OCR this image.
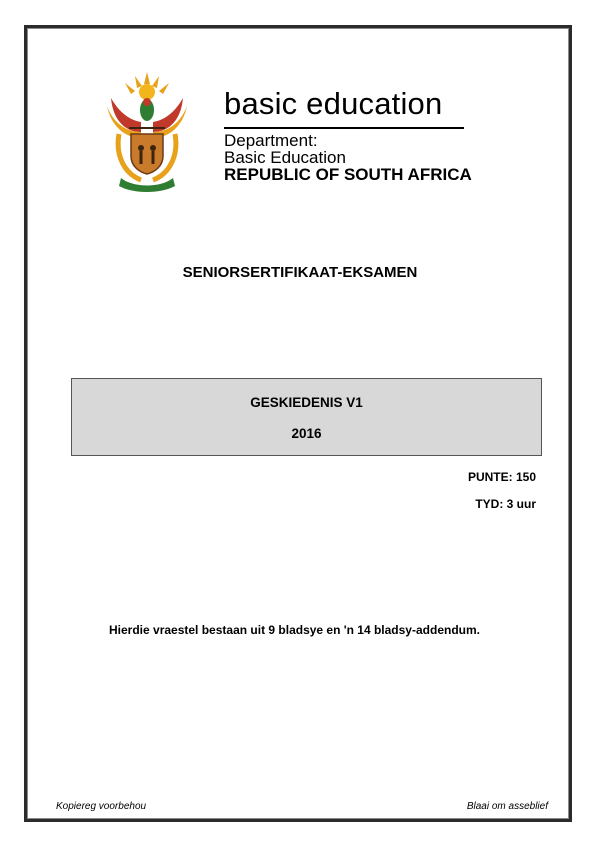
basic education
Department:
Basic Education
REPUBLIC OF SOUTH AFRICA
SENIORSERTIFIKAAT-EKSAMEN
GESKIEDENIS V1
2016
PUNTE: 150
TYD: 3 uur
Hierdie vraestel bestaan uit 9 bladsye en 'n 14 bladsy-addendum.
Kopiereg voorbehou	Blaai om asseblief
